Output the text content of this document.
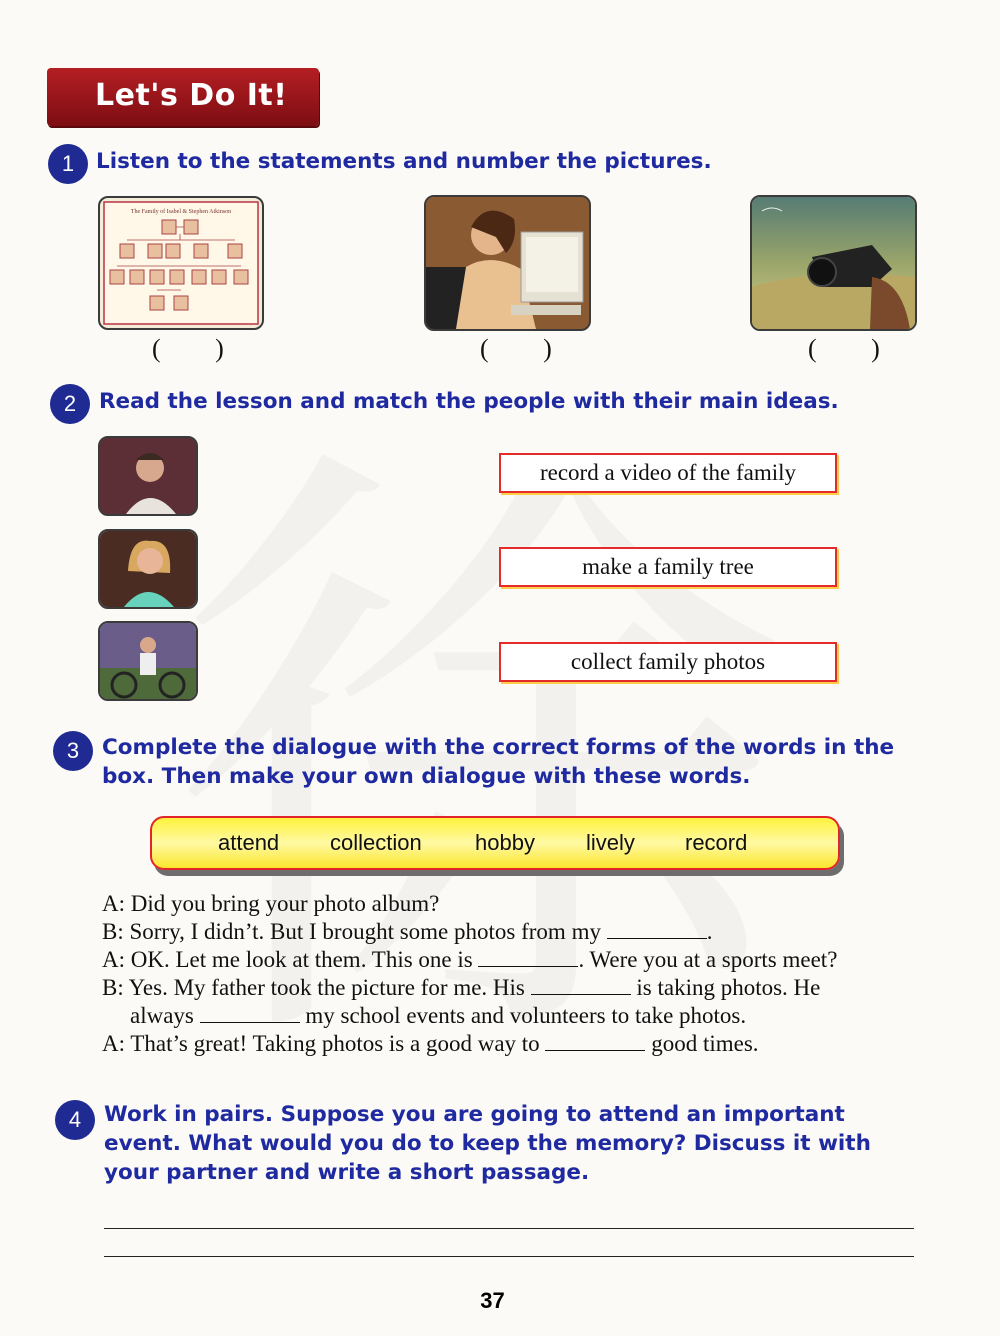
Let's Do It!
1	Listen to the statements and number the pictures.
The Family of Isabel & Stephen Atkinson
( )	( )	( )
2	Read the lesson and match the people with their main ideas.
record a video of the family
make a family tree
collect family photos
3	Complete the dialogue with the correct forms of the words in the
box. Then make your own dialogue with these words.
attend collection hobby lively record
A: Did you bring your photo album?
B: Sorry, I didn’t. But I brought some photos from my	.
A: OK. Let me look at them. This one is	. Were you at a sports meet?
B: Yes. My father took the picture for me. His	is taking photos. He
always	my school events and volunteers to take photos.
A: That’s great! Taking photos is a good way to	good times.
4	Work in pairs. Suppose you are going to attend an important
event. What would you do to keep the memory? Discuss it with
your partner and write a short passage.
37
